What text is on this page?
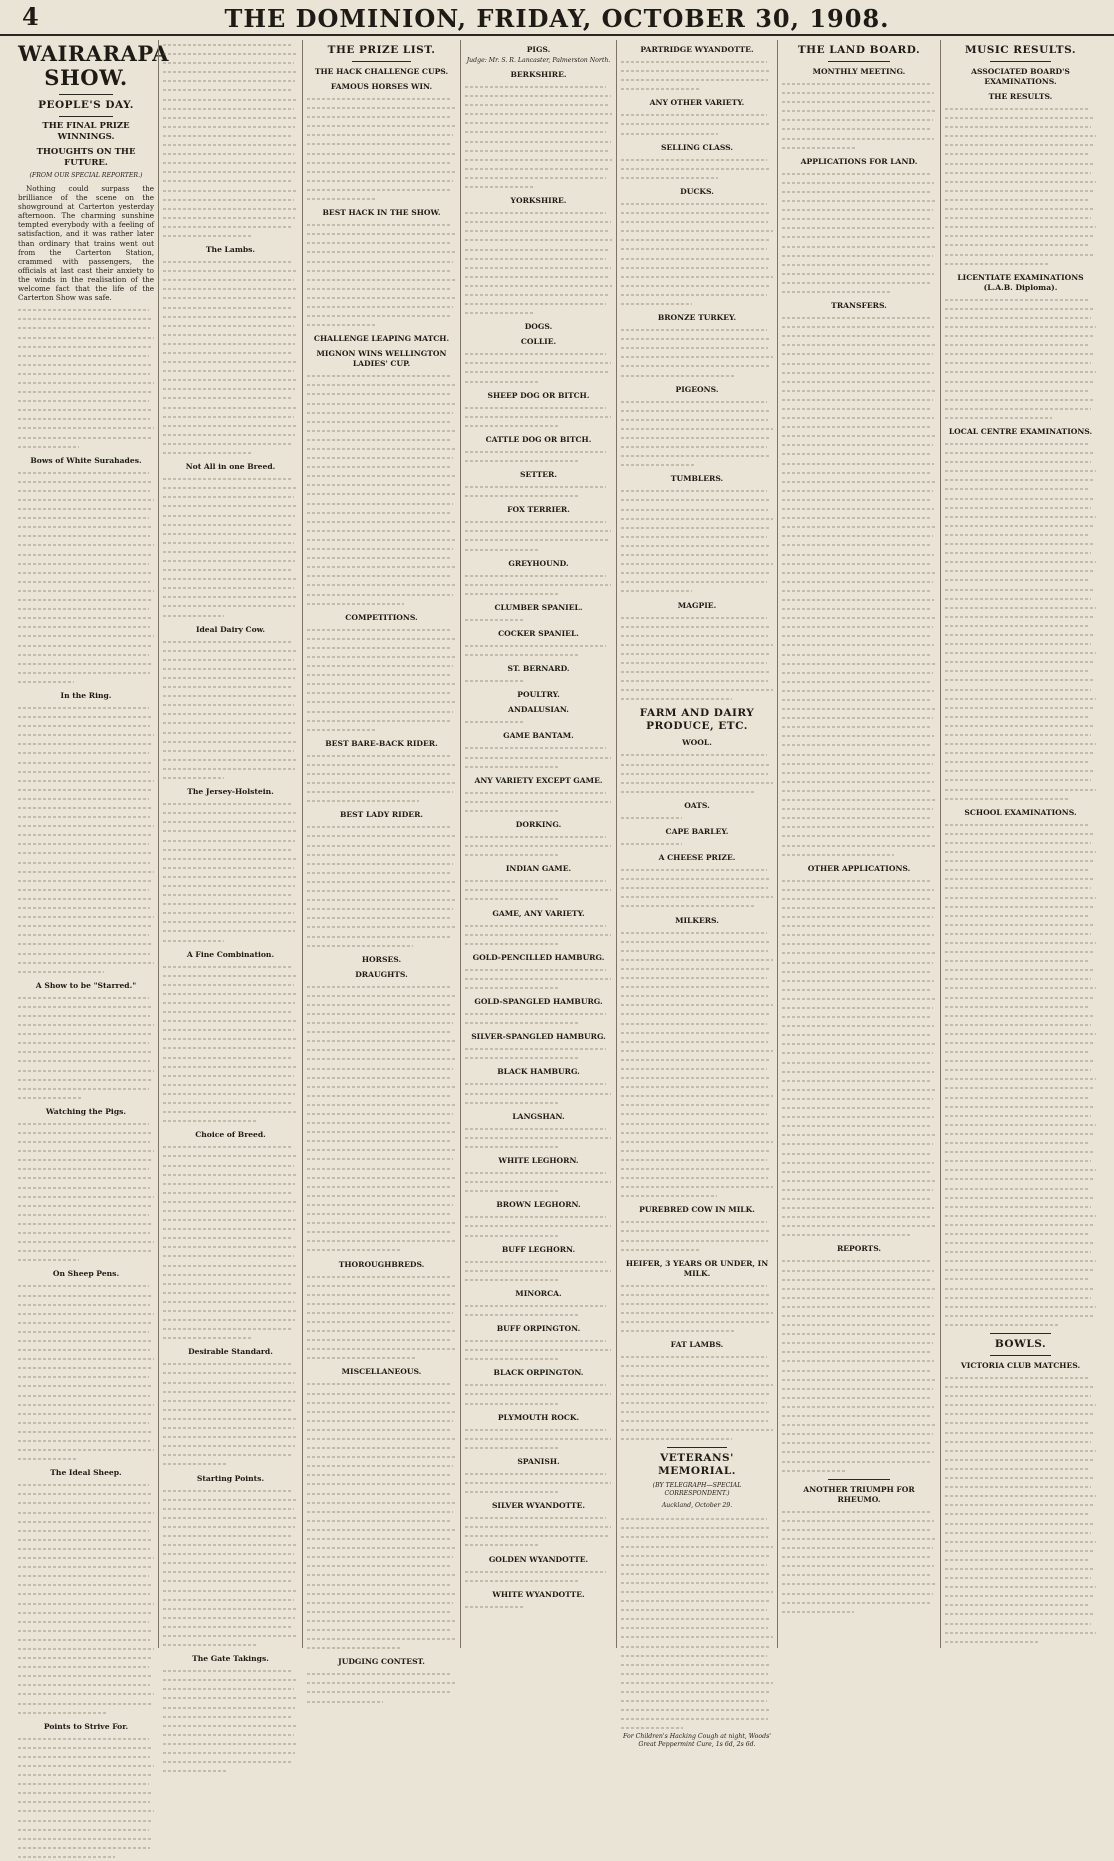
4	THE DOMINION, FRIDAY, OCTOBER 30, 1908.
WAIRARAPA SHOW.
PEOPLE'S DAY.
THE FINAL PRIZE WINNINGS.
THOUGHTS ON THE FUTURE.
(FROM OUR SPECIAL REPORTER.)

Nothing could surpass the brilliance of the scene on the showground at Carterton yesterday afternoon. The charming sunshine tempted everybody with a feeling of satisfaction, and it was rather later than ordinary that trains went out from the Carterton Station, crammed with passengers, the officials at last cast their anxiety to the winds in the realisation of the welcome fact that the life of the Carterton Show was safe.

Bows of White Surahades.
In the Ring.
A Show to be "Starred."
Watching the Pigs.
On Sheep Pens.
The Ideal Sheep.
Points to Strive For.
The Lambs.
Not All in one Breed.
Ideal Dairy Cow.
The Jersey-Holstein.
A Fine Combination.
Choice of Breed.
Desirable Standard.
Starting Points.
The Gate Takings.
THE PRIZE LIST.
THE HACK CHALLENGE CUPS.
FAMOUS HORSES WIN.
BEST HACK IN THE SHOW.
CHALLENGE LEAPING MATCH.
MIGNON WINS WELLINGTON LADIES' CUP.
COMPETITIONS.
BEST BARE-BACK RIDER.
BEST LADY RIDER.
HORSES.
DRAUGHTS.
THOROUGHBREDS.
MISCELLANEOUS.
JUDGING CONTEST.
PIGS.
Judge: Mr. S. R. Lancaster, Palmerston North.
BERKSHIRE.
YORKSHIRE.
DOGS.
COLLIE.
SHEEP DOG OR BITCH.
CATTLE DOG OR BITCH.
SETTER.
FOX TERRIER.
GREYHOUND.
CLUMBER SPANIEL.
COCKER SPANIEL.
ST. BERNARD.
POULTRY.
ANDALUSIAN.
GAME BANTAM.
ANY VARIETY EXCEPT GAME.
DORKING.
INDIAN GAME.
GAME, ANY VARIETY.
GOLD-PENCILLED HAMBURG.
GOLD-SPANGLED HAMBURG.
SILVER-SPANGLED HAMBURG.
BLACK HAMBURG.
LANGSHAN.
WHITE LEGHORN.
BROWN LEGHORN.
BUFF LEGHORN.
MINORCA.
BUFF ORPINGTON.
BLACK ORPINGTON.
PLYMOUTH ROCK.
SPANISH.
SILVER WYANDOTTE.
GOLDEN WYANDOTTE.
WHITE WYANDOTTE.
PARTRIDGE WYANDOTTE.
ANY OTHER VARIETY.
SELLING CLASS.
DUCKS.
BRONZE TURKEY.
PIGEONS.
TUMBLERS.
MAGPIE.
FARM AND DAIRY PRODUCE, ETC.
WOOL.
OATS.
CAPE BARLEY.
A CHEESE PRIZE.
MILKERS.
PUREBRED COW IN MILK.
HEIFER, 3 YEARS OR UNDER, IN MILK.
FAT LAMBS.
VETERANS' MEMORIAL.
(BY TELEGRAPH—SPECIAL CORRESPONDENT.)
Auckland, October 29.
For Children's Hacking Cough at night, Woods' Great Peppermint Cure, 1s 6d, 2s 6d.
THE LAND BOARD.
MONTHLY MEETING.
APPLICATIONS FOR LAND.
TRANSFERS.
OTHER APPLICATIONS.
REPORTS.
ANOTHER TRIUMPH FOR RHEUMO.
MUSIC RESULTS.
ASSOCIATED BOARD'S EXAMINATIONS.
THE RESULTS.
LICENTIATE EXAMINATIONS (L.A.B. Diploma).
LOCAL CENTRE EXAMINATIONS.
SCHOOL EXAMINATIONS.
BOWLS.
VICTORIA CLUB MATCHES.
